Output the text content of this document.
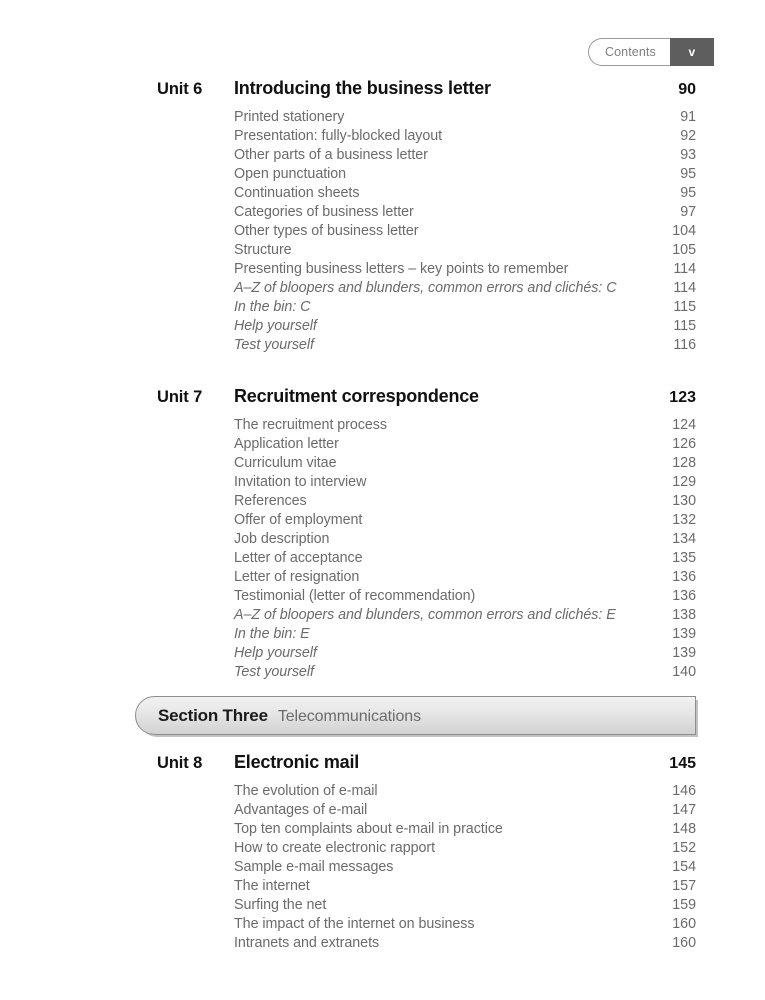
Contents	v
Unit 6	Introducing the business letter	90
Printed stationery	91
Presentation: fully-blocked layout	92
Other parts of a business letter	93
Open punctuation	95
Continuation sheets	95
Categories of business letter	97
Other types of business letter	104
Structure	105
Presenting business letters – key points to remember	114
A–Z of bloopers and blunders, common errors and clichés: C	114
In the bin: C	115
Help yourself	115
Test yourself	116
Unit 7	Recruitment correspondence	123
The recruitment process	124
Application letter	126
Curriculum vitae	128
Invitation to interview	129
References	130
Offer of employment	132
Job description	134
Letter of acceptance	135
Letter of resignation	136
Testimonial (letter of recommendation)	136
A–Z of bloopers and blunders, common errors and clichés: E	138
In the bin: E	139
Help yourself	139
Test yourself	140
Section Three Telecommunications
Unit 8	Electronic mail	145
The evolution of e-mail	146
Advantages of e-mail	147
Top ten complaints about e-mail in practice	148
How to create electronic rapport	152
Sample e-mail messages	154
The internet	157
Surfing the net	159
The impact of the internet on business	160
Intranets and extranets	160
